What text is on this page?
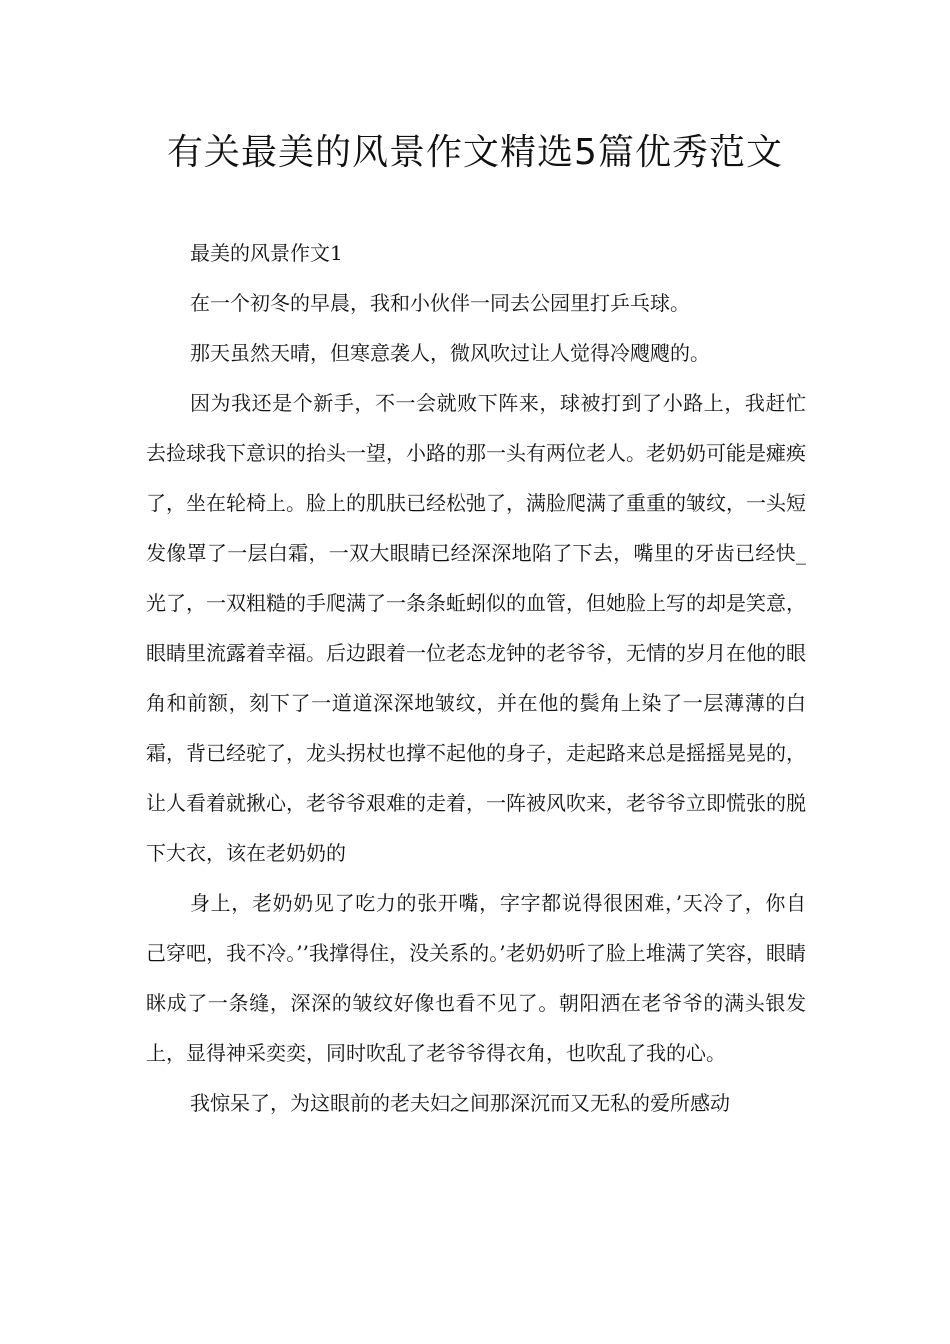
有关最美的风景作文精选5篇优秀范文

最美的风景作文1

在一个初冬的早晨，我和小伙伴一同去公园里打乒乓球。

那天虽然天晴，但寒意袭人，微风吹过让人觉得冷飕飕的。

因为我还是个新手，不一会就败下阵来，球被打到了小路上，我赶忙去捡球我下意识的抬头一望，小路的那一头有两位老人。老奶奶可能是瘫痪了，坐在轮椅上。脸上的肌肤已经松弛了，满脸爬满了重重的皱纹，一头短发像罩了一层白霜，一双大眼睛已经深深地陷了下去，嘴里的牙齿已经快_光了，一双粗糙的手爬满了一条条蚯蚓似的血管，但她脸上写的却是笑意，眼睛里流露着幸福。后边跟着一位老态龙钟的老爷爷，无情的岁月在他的眼角和前额，刻下了一道道深深地皱纹，并在他的鬓角上染了一层薄薄的白霜，背已经驼了，龙头拐杖也撑不起他的身子，走起路来总是摇摇晃晃的，让人看着就揪心，老爷爷艰难的走着，一阵被风吹来，老爷爷立即慌张的脱下大衣，该在老奶奶的

身上，老奶奶见了吃力的张开嘴，字字都说得很困难，’天冷了，你自己穿吧，我不冷。’’我撑得住，没关系的。’老奶奶听了脸上堆满了笑容，眼睛眯成了一条缝，深深的皱纹好像也看不见了。朝阳洒在老爷爷的满头银发上，显得神采奕奕，同时吹乱了老爷爷得衣角，也吹乱了我的心。

我惊呆了，为这眼前的老夫妇之间那深沉而又无私的爱所感动
